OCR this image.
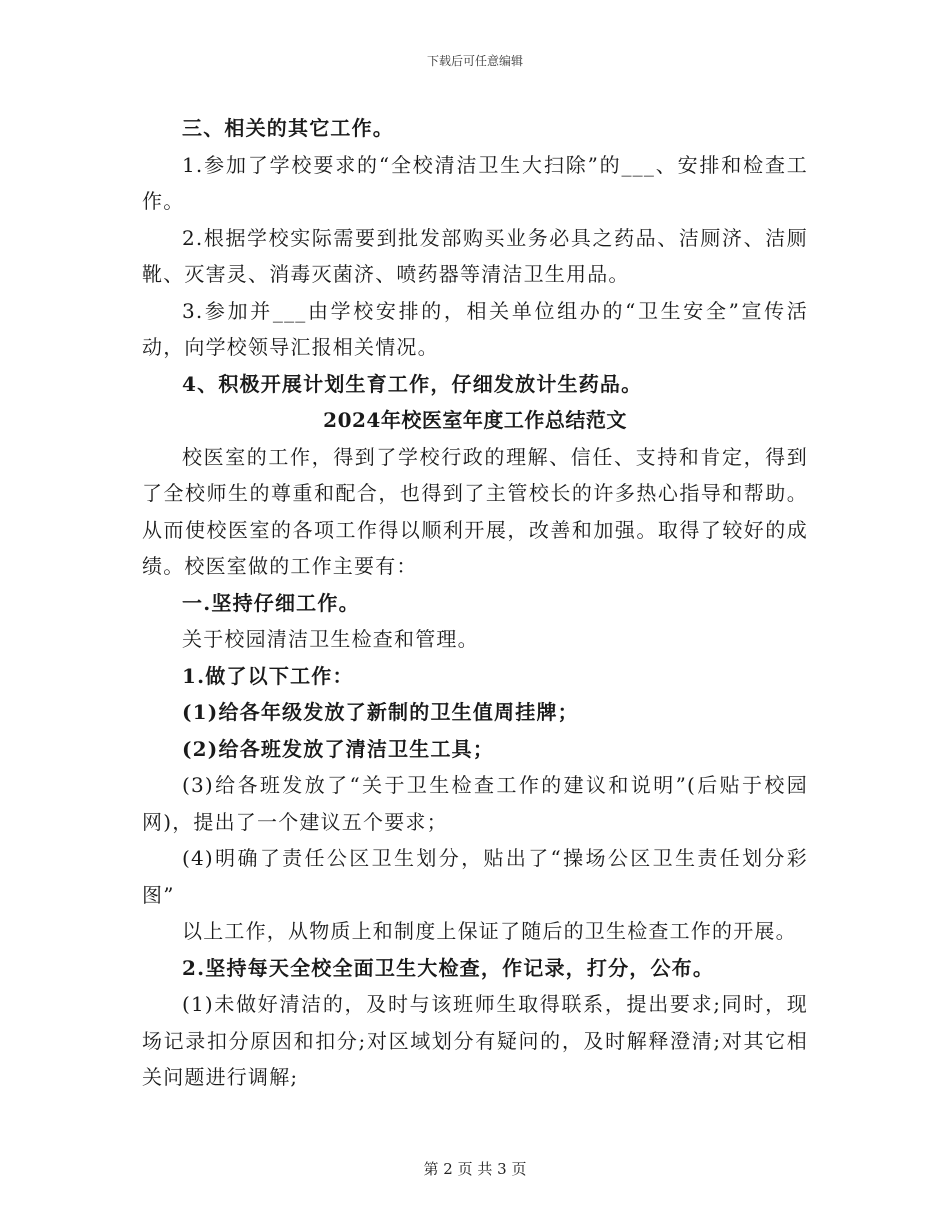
下载后可任意编辑

三、相关的其它工作。

1.参加了学校要求的“全校清洁卫生大扫除”的___、安排和检查工作。

2.根据学校实际需要到批发部购买业务必具之药品、洁厕济、洁厕靴、灭害灵、消毒灭菌济、喷药器等清洁卫生用品。

3.参加并___由学校安排的，相关单位组办的“卫生安全”宣传活动，向学校领导汇报相关情况。

4、积极开展计划生育工作，仔细发放计生药品。

2024年校医室年度工作总结范文

校医室的工作，得到了学校行政的理解、信任、支持和肯定，得到了全校师生的尊重和配合，也得到了主管校长的许多热心指导和帮助。从而使校医室的各项工作得以顺利开展，改善和加强。取得了较好的成绩。校医室做的工作主要有：

一.坚持仔细工作。

关于校园清洁卫生检查和管理。

1.做了以下工作：

(1)给各年级发放了新制的卫生值周挂牌；

(2)给各班发放了清洁卫生工具；

(3)给各班发放了“关于卫生检查工作的建议和说明”(后贴于校园网)，提出了一个建议五个要求；

(4)明确了责任公区卫生划分，贴出了“操场公区卫生责任划分彩图”

以上工作，从物质上和制度上保证了随后的卫生检查工作的开展。

2.坚持每天全校全面卫生大检查，作记录，打分，公布。

(1)未做好清洁的，及时与该班师生取得联系，提出要求;同时，现场记录扣分原因和扣分;对区域划分有疑问的，及时解释澄清;对其它相关问题进行调解;

第 2 页 共 3 页
